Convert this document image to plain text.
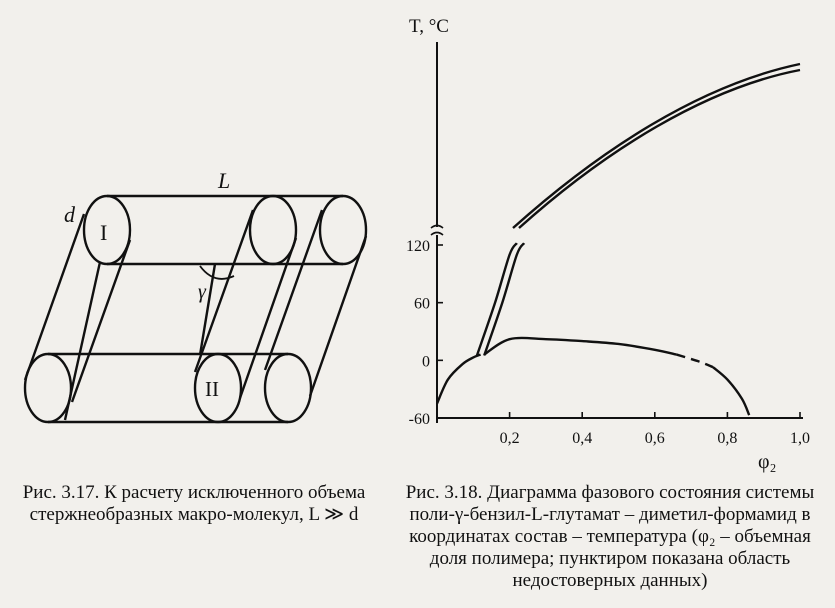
L
d
I
II
γ
-60
0
60
120
0,2	0,4	0,6	0,8	1,0
T, °C
φ₂
Рис. 3.17. К расчету исключенного объема стержнеобразных макро-молекул, L ≫ d
Рис. 3.18. Диаграмма фазового состояния системы поли-γ-бензил-L-глутамат – диметил-формамид в координатах состав – температура (φ₂ – объемная доля полимера; пунктиром показана область недостоверных данных)
